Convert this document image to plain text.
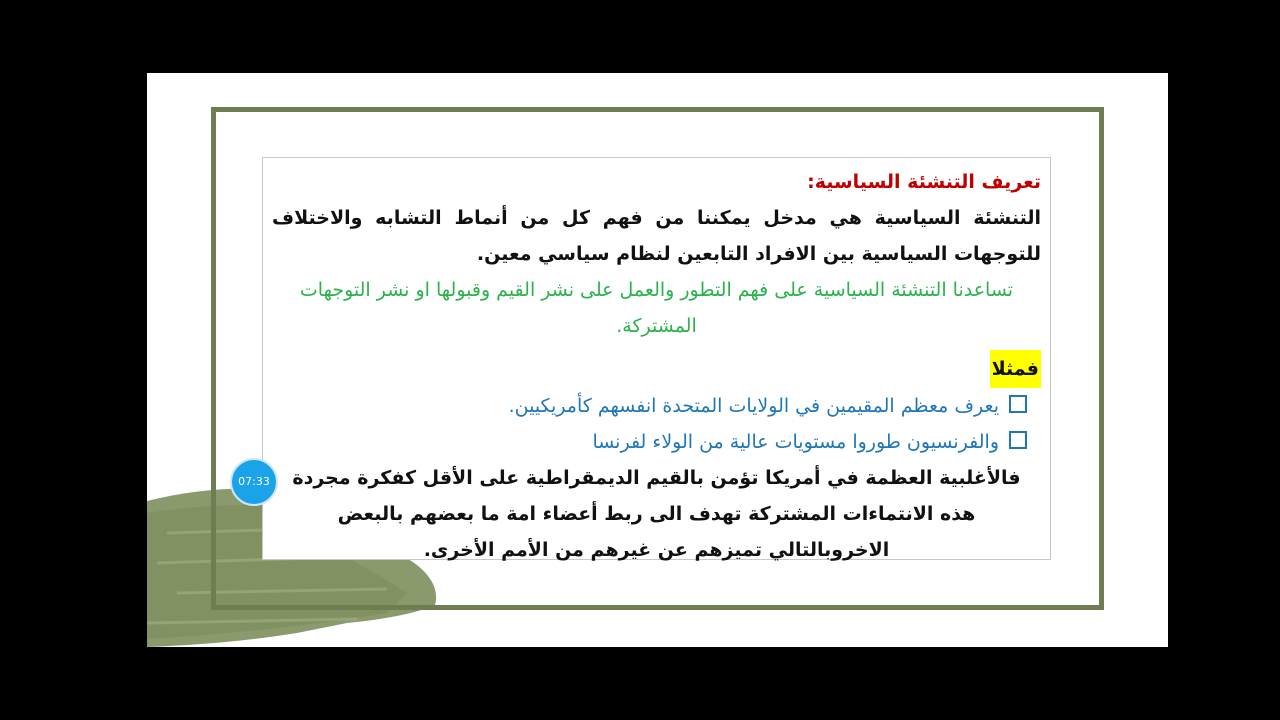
تعريف التنشئة السياسية:
التنشئة السياسية هي مدخل يمكننا من فهم كل من أنماط التشابه والاختلاف للتوجهات السياسية بين الافراد التابعين لنظام سياسي معين.
تساعدنا التنشئة السياسية على فهم التطور والعمل على نشر القيم وقبولها او نشر التوجهات المشتركة.
فمثلا
يعرف معظم المقيمين في الولايات المتحدة انفسهم كأمريكيين.
والفرنسيون طوروا مستويات عالية من الولاء لفرنسا
فالأغلبية العظمة في أمريكا تؤمن بالقيم الديمقراطية على الأقل كفكرة مجردة هذه الانتماءات المشتركة تهدف الى ربط أعضاء امة ما بعضهم بالبعض الاخروبالتالي تميزهم عن غيرهم من الأمم الأخرى.
07:33
